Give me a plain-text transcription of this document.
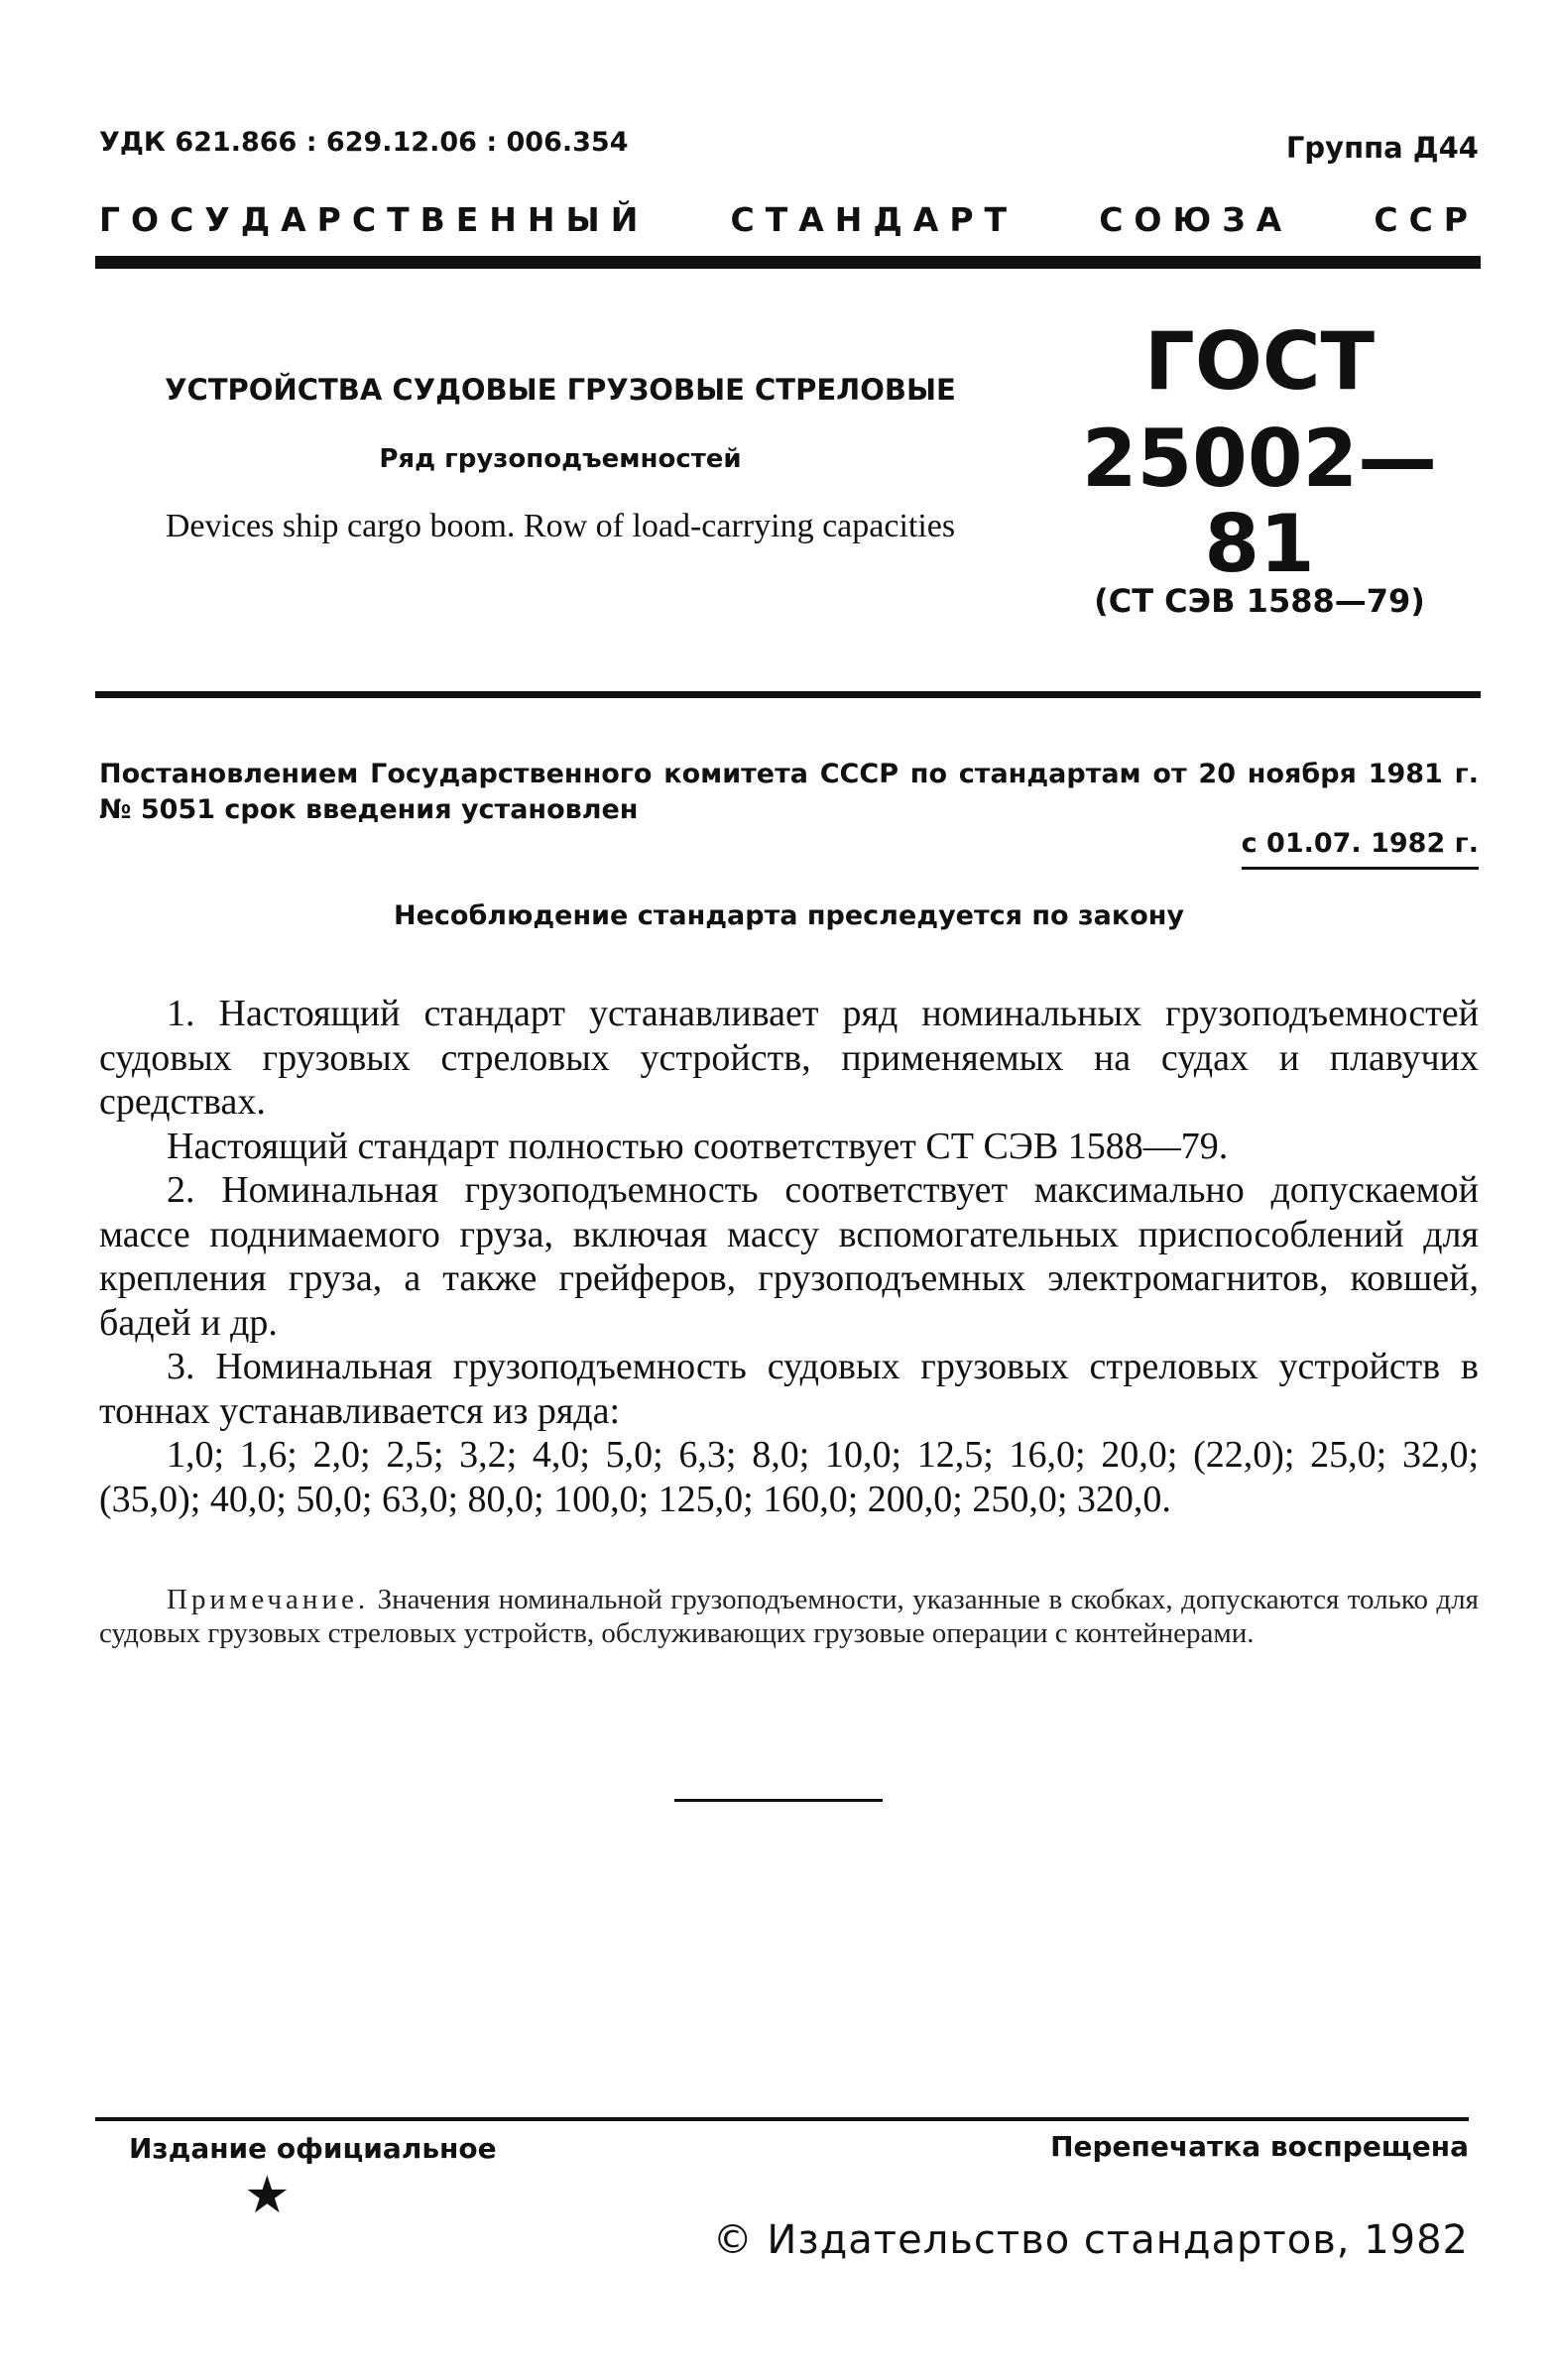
УДК 621.866 : 629.12.06 : 006.354	Группа Д44
ГОСУДАРСТВЕННЫЙ СТАНДАРТ СОЮЗА ССР
УСТРОЙСТВА СУДОВЫЕ ГРУЗОВЫЕ СТРЕЛОВЫЕ
Ряд грузоподъемностей
Devices ship cargo boom. Row of load-carrying capacities
ГОСТ
25002—81
(СТ СЭВ 1588—79)
Постановлением Государственного комитета СССР по стандартам от 20 ноября 1981 г. № 5051 срок введения установлен
с 01.07. 1982 г.
Несоблюдение стандарта преследуется по закону

1. Настоящий стандарт устанавливает ряд номинальных грузоподъемностей судовых грузовых стреловых устройств, применяемых на судах и плавучих средствах.

Настоящий стандарт полностью соответствует СТ СЭВ 1588—79.

2. Номинальная грузоподъемность соответствует максимально допускаемой массе поднимаемого груза, включая массу вспомогательных приспособлений для крепления груза, а также грейферов, грузоподъемных электромагнитов, ковшей, бадей и др.

3. Номинальная грузоподъемность судовых грузовых стреловых устройств в тоннах устанавливается из ряда:

1,0; 1,6; 2,0; 2,5; 3,2; 4,0; 5,0; 6,3; 8,0; 10,0; 12,5; 16,0; 20,0; (22,0); 25,0; 32,0; (35,0); 40,0; 50,0; 63,0; 80,0; 100,0; 125,0; 160,0; 200,0; 250,0; 320,0.

Примечание. Значения номинальной грузоподъемности, указанные в скобках, допускаются только для судовых грузовых стреловых устройств, обслуживающих грузовые операции с контейнерами.
Издание официальное	Перепечатка воспрещена
★
© Издательство стандартов, 1982
